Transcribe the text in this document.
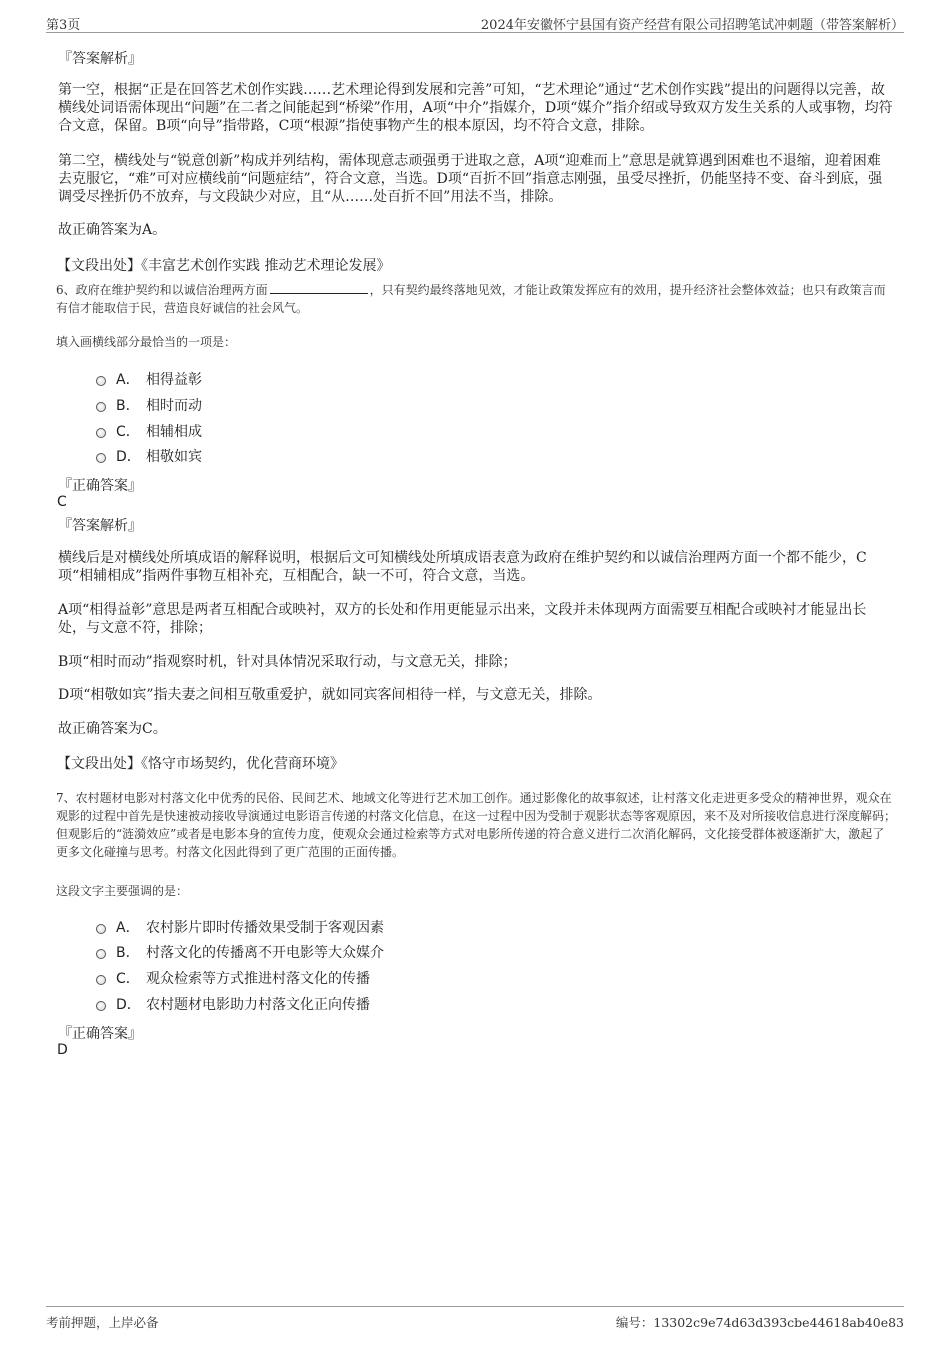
第3页	2024年安徽怀宁县国有资产经营有限公司招聘笔试冲刺题（带答案解析）
『答案解析』
第一空，根据“正是在回答艺术创作实践……艺术理论得到发展和完善”可知，“艺术理论”通过“艺术创作实践”提出的问题得以完善，故横线处词语需体现出“问题”在二者之间能起到“桥梁”作用，A项“中介”指媒介，D项“媒介”指介绍或导致双方发生关系的人或事物，均符合文意，保留。B项“向导”指带路，C项“根源”指使事物产生的根本原因，均不符合文意，排除。
第二空，横线处与“锐意创新”构成并列结构，需体现意志顽强勇于进取之意，A项“迎难而上”意思是就算遇到困难也不退缩，迎着困难去克服它，“难”可对应横线前“问题症结”，符合文意，当选。D项“百折不回”指意志刚强，虽受尽挫折，仍能坚持不变、奋斗到底，强调受尽挫折仍不放弃，与文段缺少对应，且“从……处百折不回”用法不当，排除。
故正确答案为A。
【文段出处】《丰富艺术创作实践 推动艺术理论发展》
6、政府在维护契约和以诚信治理两方面	，只有契约最终落地见效，才能让政策发挥应有的效用，提升经济社会整体效益；也只有政策言而有信才能取信于民，营造良好诚信的社会风气。
填入画横线部分最恰当的一项是：
A． 相得益彰
B． 相时而动
C． 相辅相成
D． 相敬如宾
『正确答案』
C
『答案解析』
横线后是对横线处所填成语的解释说明，根据后文可知横线处所填成语表意为政府在维护契约和以诚信治理两方面一个都不能少，C项“相辅相成”指两件事物互相补充，互相配合，缺一不可，符合文意，当选。
A项“相得益彰”意思是两者互相配合或映衬，双方的长处和作用更能显示出来，文段并未体现两方面需要互相配合或映衬才能显出长处，与文意不符，排除；
B项“相时而动”指观察时机，针对具体情况采取行动，与文意无关，排除；
D项“相敬如宾”指夫妻之间相互敬重爱护，就如同宾客间相待一样，与文意无关，排除。
故正确答案为C。
【文段出处】《恪守市场契约，优化营商环境》
7、农村题材电影对村落文化中优秀的民俗、民间艺术、地域文化等进行艺术加工创作。通过影像化的故事叙述，让村落文化走进更多受众的精神世界，观众在观影的过程中首先是快速被动接收导演通过电影语言传递的村落文化信息，在这一过程中因为受制于观影状态等客观原因，来不及对所接收信息进行深度解码；但观影后的“涟漪效应”或者是电影本身的宣传力度，使观众会通过检索等方式对电影所传递的符合意义进行二次消化解码，文化接受群体被逐渐扩大，激起了更多文化碰撞与思考。村落文化因此得到了更广范围的正面传播。
这段文字主要强调的是：
A． 农村影片即时传播效果受制于客观因素
B． 村落文化的传播离不开电影等大众媒介
C． 观众检索等方式推进村落文化的传播
D． 农村题材电影助力村落文化正向传播
『正确答案』
D
考前押题，上岸必备	编号：13302c9e74d63d393cbe44618ab40e83
